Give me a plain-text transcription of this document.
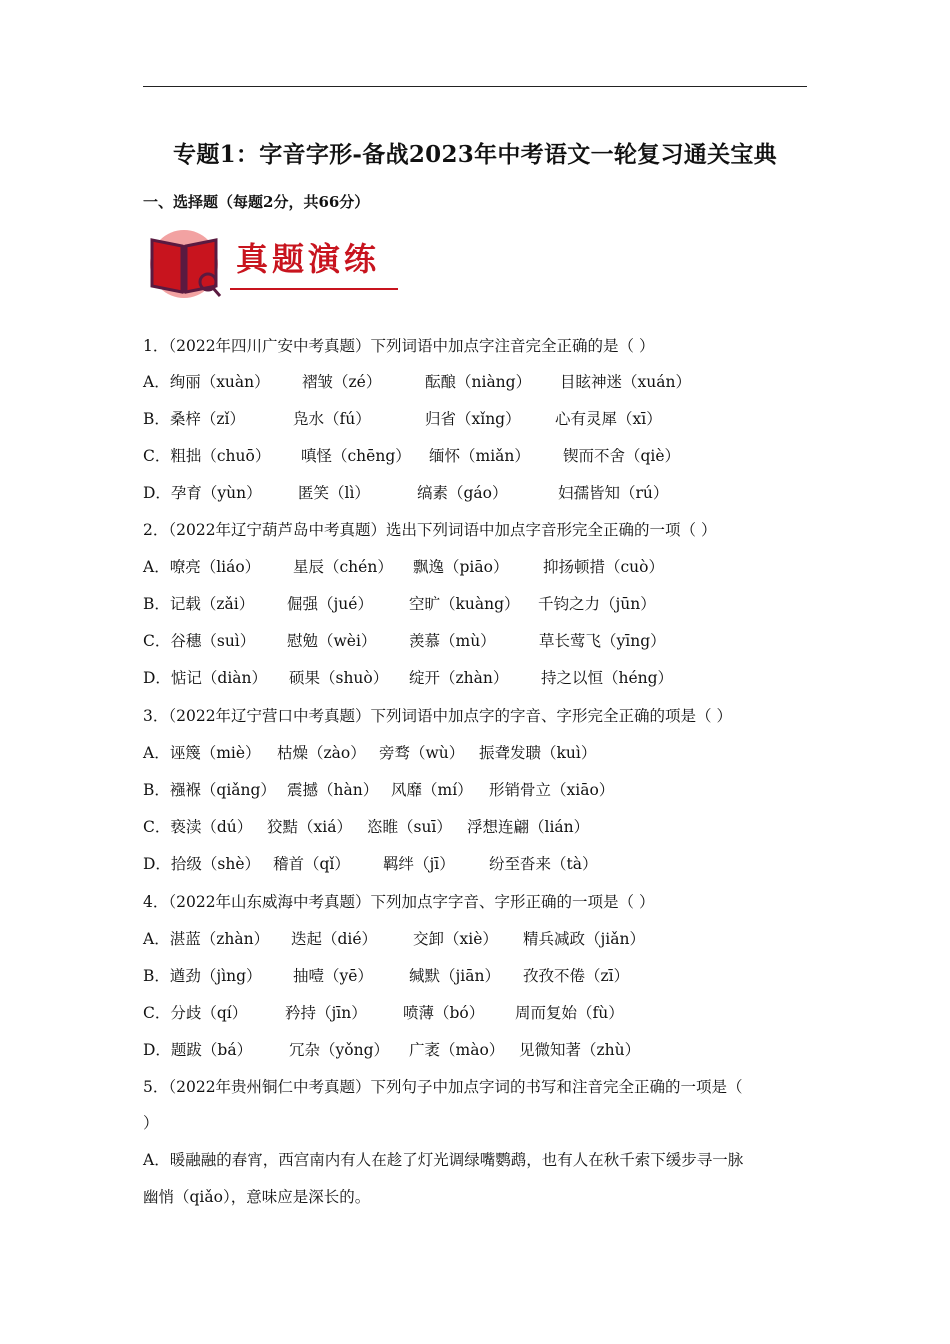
专题1：字音字形-备战2023年中考语文一轮复习通关宝典
一、选择题（每题2分，共66分）
真题演练
1．（2022年四川广安中考真题）下列词语中加点字注音完全正确的是（ ）
A．绚丽（xuàn） 褶皱（zé）	酝酿（niàng） 目眩神迷（xuán）
B．桑梓（zǐ）	凫水（fú）	归省（xǐng） 心有灵犀（xī）
C．粗拙（chuō） 嗔怪（chēng） 缅怀（miǎn） 锲而不舍（qiè）
D．孕育（yùn） 匿笑（lì）	缟素（gáo）	妇孺皆知（rú）
2．（2022年辽宁葫芦岛中考真题）选出下列词语中加点字音形完全正确的一项（ ）
A．嘹亮（liáo） 星辰（chén） 飘逸（piāo） 抑扬顿措（cuò）
B．记载（zǎi） 倔强（jué） 空旷（kuàng） 千钧之力（jūn）
C．谷穗（suì） 慰勉（wèi） 羡慕（mù）	草长莺飞（yīng）
D．惦记（diàn） 硕果（shuò） 绽开（zhàn） 持之以恒（héng）
3．（2022年辽宁营口中考真题）下列词语中加点字的字音、字形完全正确的项是（ ）
A．诬篾（miè） 枯燥（zào） 旁骛（wù） 振聋发聩（kuì）
B．襁褓（qiǎng） 震撼（hàn） 风靡（mí） 形销骨立（xiāo）
C．亵渎（dú） 狡黠（xiá） 恣睢（suī） 浮想连翩（lián）
D．拾级（shè） 稽首（qǐ） 羁绊（jī） 纷至沓来（tà）
4．（2022年山东威海中考真题）下列加点字字音、字形正确的一项是（ ）
A．湛蓝（zhàn） 迭起（dié） 交卸（xiè） 精兵减政（jiǎn）
B．遒劲（jìng） 抽噎（yē） 缄默（jiān） 孜孜不倦（zī）
C．分歧（qí） 矜持（jīn） 喷薄（bó） 周而复始（fù）
D．题跋（bá） 冗杂（yǒng） 广袤（mào） 见微知著（zhù）
5．（2022年贵州铜仁中考真题）下列句子中加点字词的书写和注音完全正确的一项是（
）
A．暖融融的春宵，西宫南内有人在趁了灯光调绿嘴鹦鹉，也有人在秋千索下缓步寻一脉
幽悄（qiǎo），意味应是深长的。
